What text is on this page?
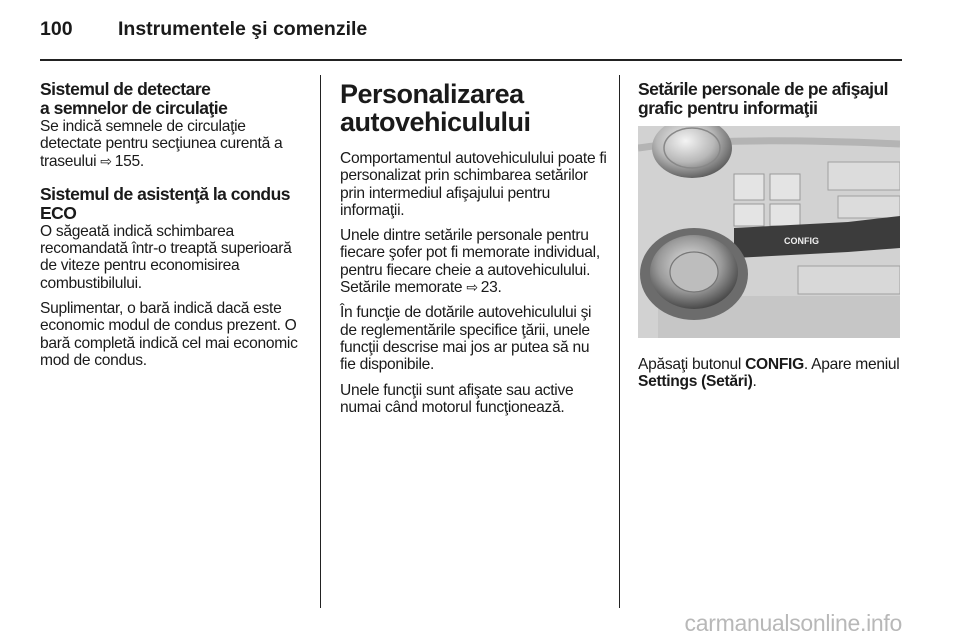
100 Instrumentele şi comenzile
Sistemul de detectare
a semnelor de circulaţie

Se indică semnele de circulaţie detectate pentru secţiunea curentă a traseului ⇨ 155.

Sistemul de asistenţă la condus ECO

O săgeată indică schimbarea recomandată într-o treaptă superioară de viteze pentru economisirea combustibilului.

Suplimentar, o bară indică dacă este economic modul de condus prezent. O bară completă indică cel mai economic mod de condus.

Personalizarea autovehiculului

Comportamentul autovehiculului poate fi personalizat prin schimbarea setărilor prin intermediul afişajului pentru informaţii.

Unele dintre setările personale pentru fiecare şofer pot fi memorate individual, pentru fiecare cheie a autovehiculului. Setările memorate ⇨ 23.

În funcţie de dotările autovehiculului şi de reglementările specifice ţării, unele funcţii descrise mai jos ar putea să nu fie disponibile.

Unele funcţii sunt afişate sau active numai când motorul funcţionează.

Setările personale de pe afişajul grafic pentru informaţii
CONFIG

Apăsaţi butonul CONFIG. Apare meniul Settings (Setări).

carmanualsonline.info
